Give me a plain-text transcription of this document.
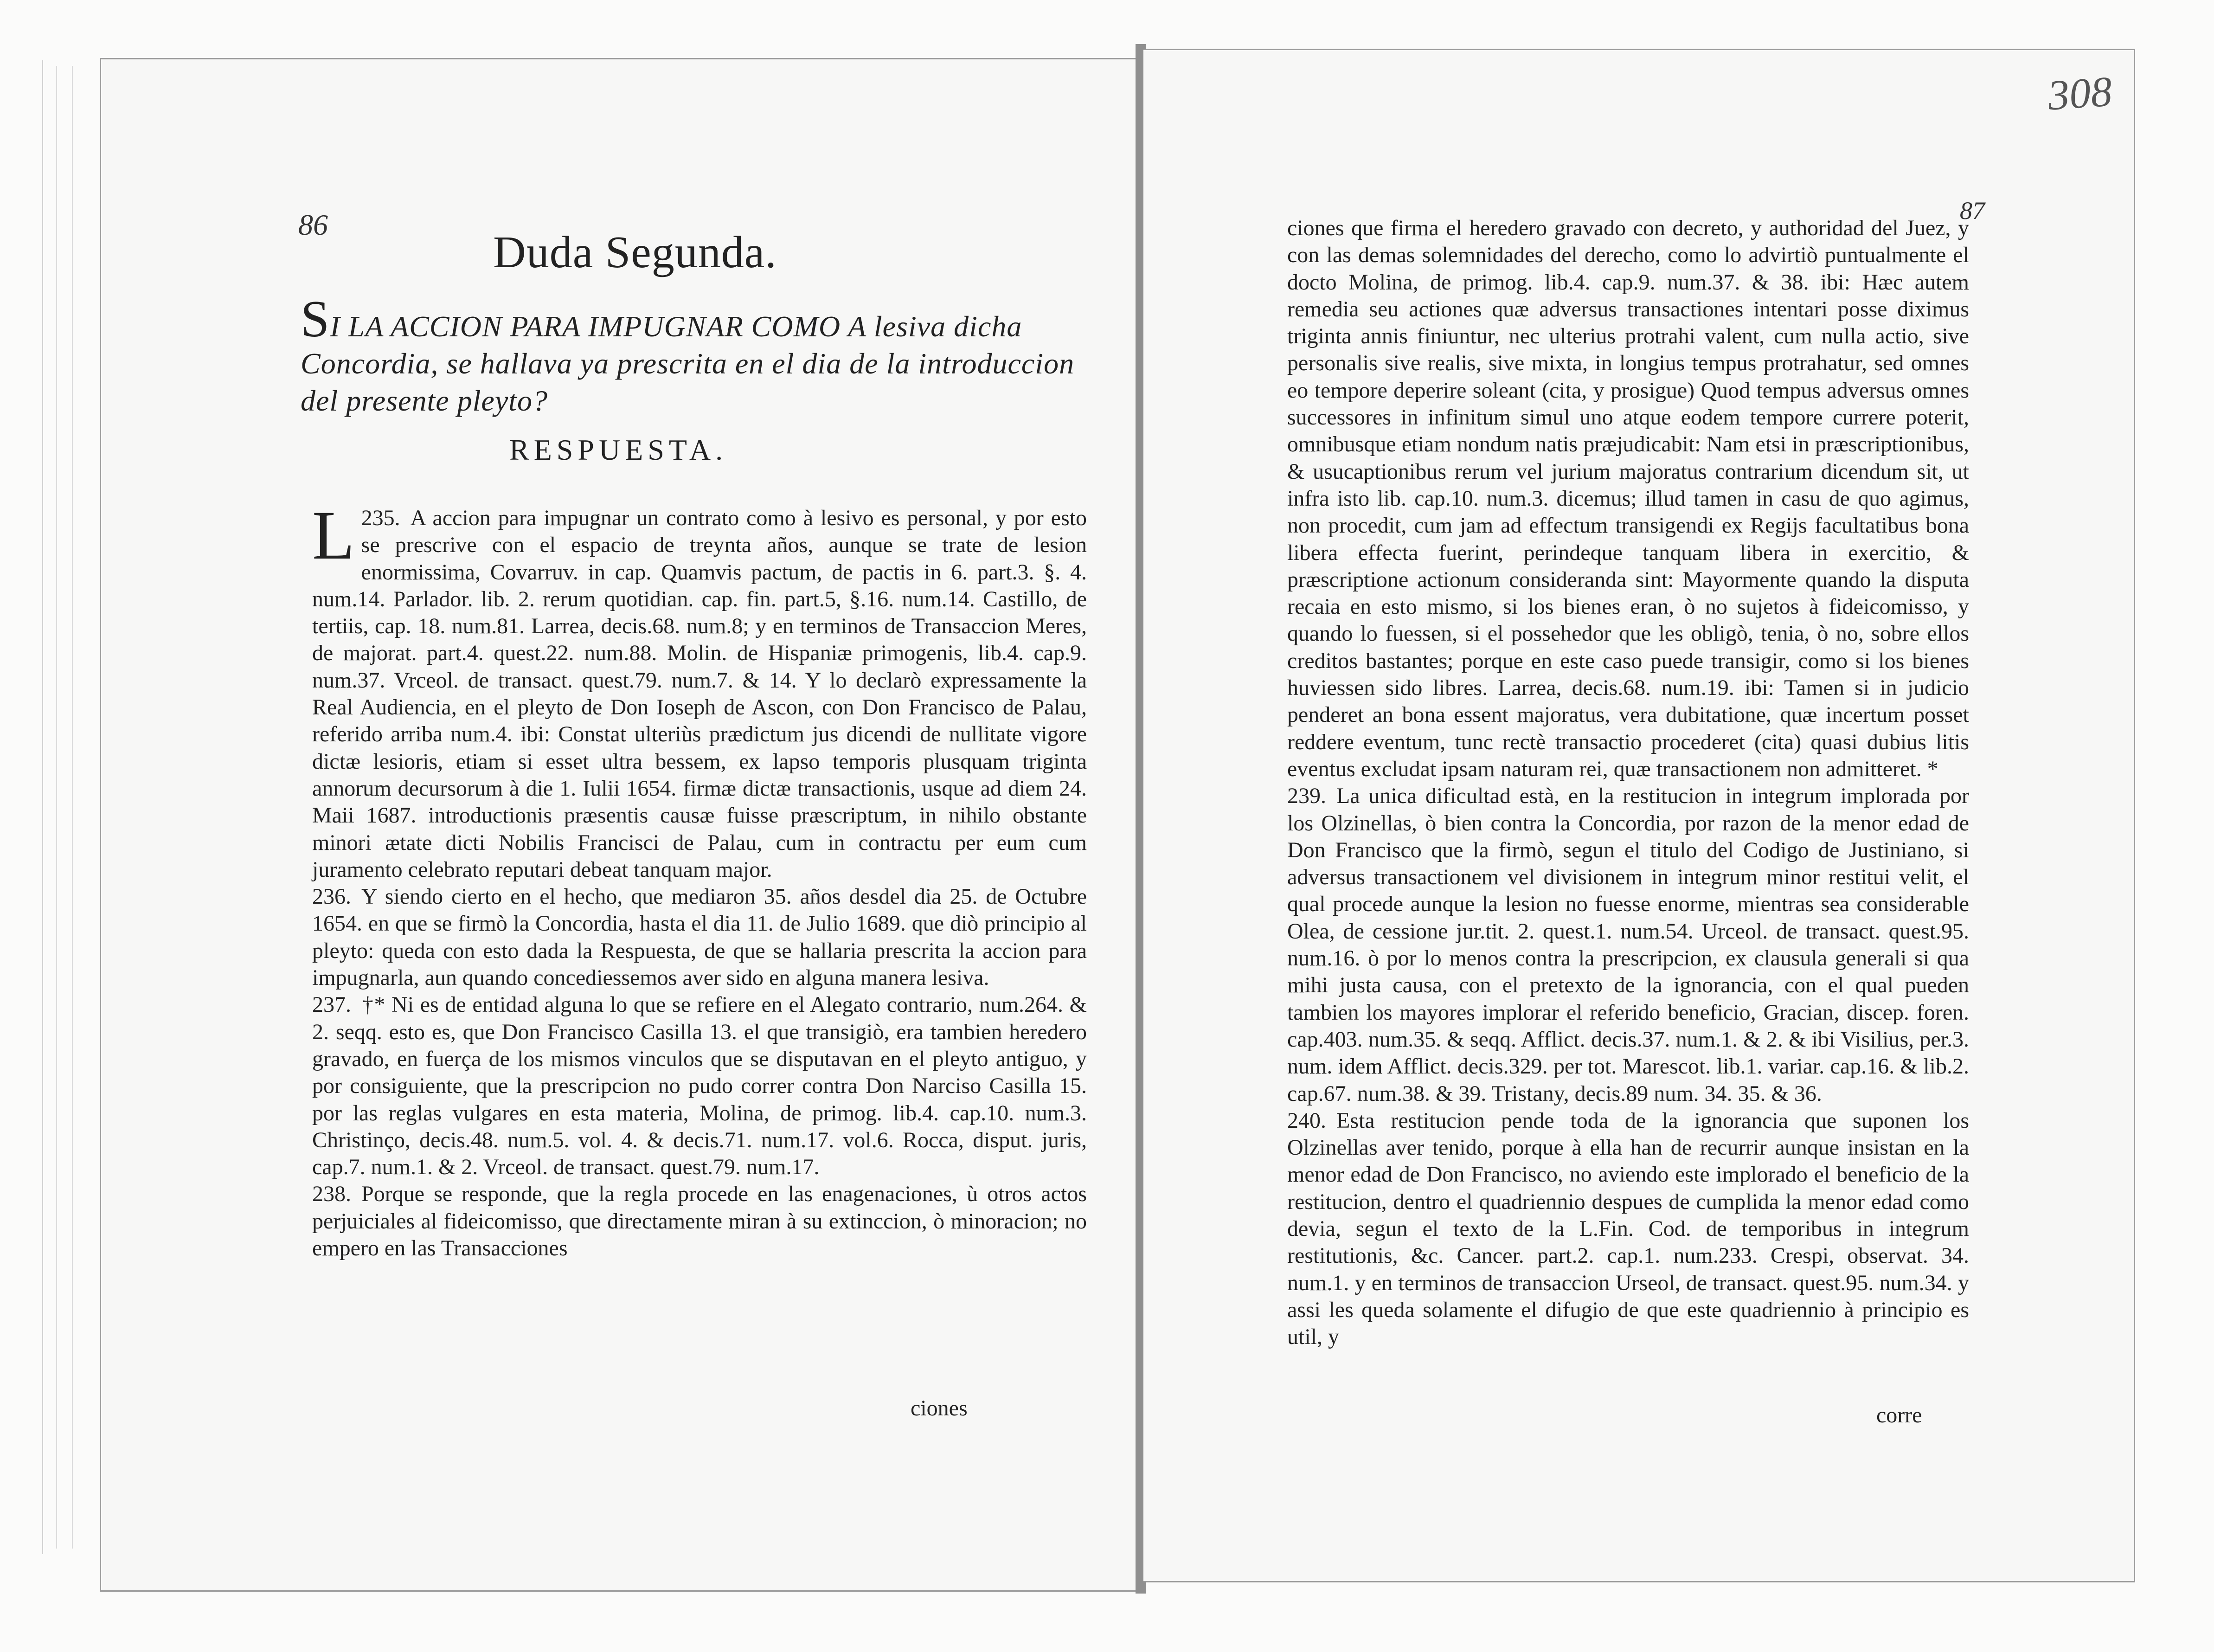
86
Duda Segunda.
SI LA ACCION PARA IMPUGNAR COMO A lesiva dicha Concordia, se hallava ya prescrita en el dia de la introduccion del presente pleyto?
RESPUESTA.

235.
L	A accion para impugnar un contrato como à lesivo es personal, y por esto se prescrive con el espacio de treynta años, aunque se trate de lesion enormissima, Covarruv. in cap. Quamvis pactum, de pactis in 6. part.3. §. 4. num.14. Parlador. lib. 2. rerum quotidian. cap. fin. part.5, §.16. num.14. Castillo, de tertiis, cap. 18. num.81. Larrea, decis.68. num.8; y en terminos de Transaccion Meres, de majorat. part.4. quest.22. num.88. Molin. de Hispaniæ primogenis, lib.4. cap.9. num.37. Vrceol. de transact. quest.79. num.7. & 14. Y lo declarò expressamente la Real Audiencia, en el pleyto de Don Ioseph de Ascon, con Don Francisco de Palau, referido arriba num.4. ibi: Constat ulteriùs prædictum jus dicendi de nullitate vigore dictæ lesioris, etiam si esset ultra bessem, ex lapso temporis plusquam triginta annorum decursorum à die 1. Iulii 1654. firmæ dictæ transactionis, usque ad diem 24. Maii 1687. introductionis præsentis causæ fuisse præscriptum, in nihilo obstante minori ætate dicti Nobilis Francisci de Palau, cum in contractu per eum cum juramento celebrato reputari debeat tanquam major.

236. Y siendo cierto en el hecho, que mediaron 35. años desdel dia 25. de Octubre 1654. en que se firmò la Concordia, hasta el dia 11. de Julio 1689. que diò principio al pleyto: queda con esto dada la Respuesta, de que se hallaria prescrita la accion para impugnarla, aun quando concediessemos aver sido en alguna manera lesiva.

237. †* Ni es de entidad alguna lo que se refiere en el Alegato contrario, num.264. & 2. seqq. esto es, que Don Francisco Casilla 13. el que transigiò, era tambien heredero gravado, en fuerça de los mismos vinculos que se disputavan en el pleyto antiguo, y por consiguiente, que la prescripcion no pudo correr contra Don Narciso Casilla 15. por las reglas vulgares en esta materia, Molina, de primog. lib.4. cap.10. num.3. Christinço, decis.48. num.5. vol. 4. & decis.71. num.17. vol.6. Rocca, disput. juris, cap.7. num.1. & 2. Vrceol. de transact. quest.79. num.17.

238. Porque se responde, que la regla procede en las enagenaciones, ù otros actos perjuiciales al fideicomisso, que directamente miran à su extinccion, ò minoracion; no empero en las Transacciones

ciones
308
87

ciones que firma el heredero gravado con decreto, y authoridad del Juez, y con las demas solemnidades del derecho, como lo advirtiò puntualmente el docto Molina, de primog. lib.4. cap.9. num.37. & 38. ibi: Hæc autem remedia seu actiones quæ adversus transactiones intentari posse diximus triginta annis finiuntur, nec ulterius protrahi valent, cum nulla actio, sive personalis sive realis, sive mixta, in longius tempus protrahatur, sed omnes eo tempore deperire soleant (cita, y prosigue) Quod tempus adversus omnes successores in infinitum simul uno atque eodem tempore currere poterit, omnibusque etiam nondum natis præjudicabit: Nam etsi in præscriptionibus, & usucaptionibus rerum vel jurium majoratus contrarium dicendum sit, ut infra isto lib. cap.10. num.3. dicemus; illud tamen in casu de quo agimus, non procedit, cum jam ad effectum transigendi ex Regijs facultatibus bona libera effecta fuerint, perindeque tanquam libera in exercitio, & præscriptione actionum consideranda sint: Mayormente quando la disputa recaia en esto mismo, si los bienes eran, ò no sujetos à fideicomisso, y quando lo fuessen, si el possehedor que les obligò, tenia, ò no, sobre ellos creditos bastantes; porque en este caso puede transigir, como si los bienes huviessen sido libres. Larrea, decis.68. num.19. ibi: Tamen si in judicio penderet an bona essent majoratus, vera dubitatione, quæ incertum posset reddere eventum, tunc rectè transactio procederet (cita) quasi dubius litis eventus excludat ipsam naturam rei, quæ transactionem non admitteret. *

239. La unica dificultad està, en la restitucion in integrum implorada por los Olzinellas, ò bien contra la Concordia, por razon de la menor edad de Don Francisco que la firmò, segun el titulo del Codigo de Justiniano, si adversus transactionem vel divisionem in integrum minor restitui velit, el qual procede aunque la lesion no fuesse enorme, mientras sea considerable Olea, de cessione jur.tit. 2. quest.1. num.54. Urceol. de transact. quest.95. num.16. ò por lo menos contra la prescripcion, ex clausula generali si qua mihi justa causa, con el pretexto de la ignorancia, con el qual pueden tambien los mayores implorar el referido beneficio, Gracian, discep. foren. cap.403. num.35. & seqq. Afflict. decis.37. num.1. & 2. & ibi Visilius, per.3. num. idem Afflict. decis.329. per tot. Marescot. lib.1. variar. cap.16. & lib.2. cap.67. num.38. & 39. Tristany, decis.89 num. 34. 35. & 36.

240. Esta restitucion pende toda de la ignorancia que suponen los Olzinellas aver tenido, porque à ella han de recurrir aunque insistan en la menor edad de Don Francisco, no aviendo este implorado el beneficio de la restitucion, dentro el quadriennio despues de cumplida la menor edad como devia, segun el texto de la L.Fin. Cod. de temporibus in integrum restitutionis, &c. Cancer. part.2. cap.1. num.233. Crespi, observat. 34. num.1. y en terminos de transaccion Urseol, de transact. quest.95. num.34. y assi les queda solamente el difugio de que este quadriennio à principio es util, y

corre
